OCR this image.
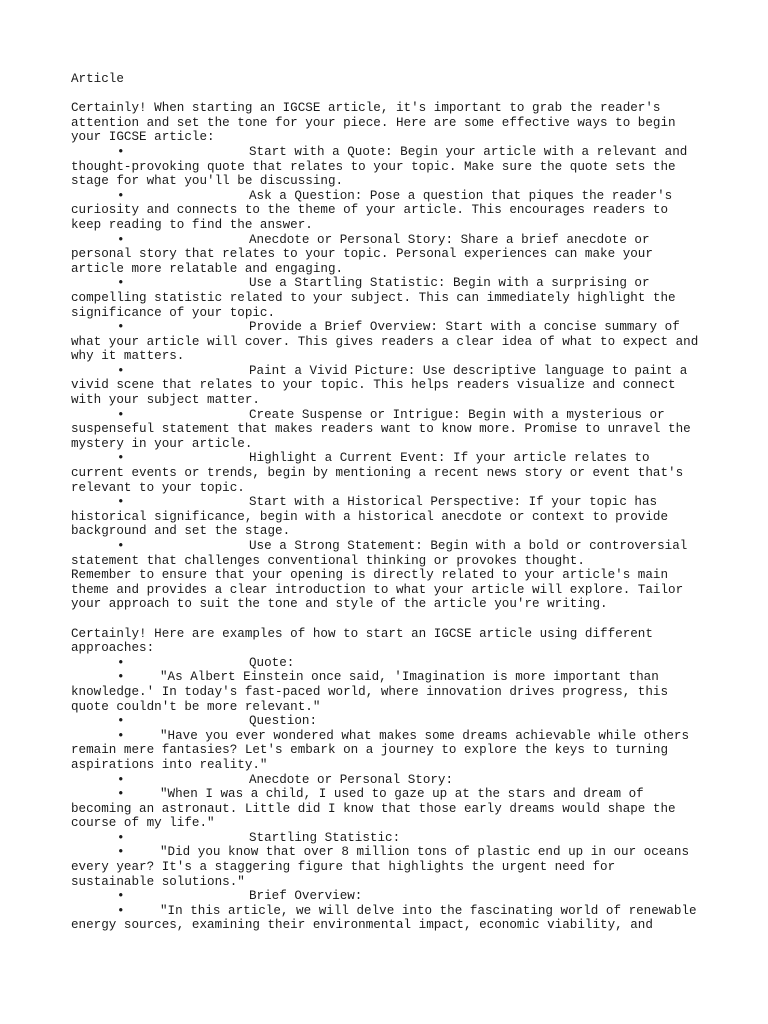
Article
Certainly! When starting an IGCSE article, it's important to grab the reader's
attention and set the tone for your piece. Here are some effective ways to begin
your IGCSE article:
•	Start with a Quote: Begin your article with a relevant and
thought-provoking quote that relates to your topic. Make sure the quote sets the
stage for what you'll be discussing.
•	Ask a Question: Pose a question that piques the reader's
curiosity and connects to the theme of your article. This encourages readers to
keep reading to find the answer.
•	Anecdote or Personal Story: Share a brief anecdote or
personal story that relates to your topic. Personal experiences can make your
article more relatable and engaging.
•	Use a Startling Statistic: Begin with a surprising or
compelling statistic related to your subject. This can immediately highlight the
significance of your topic.
•	Provide a Brief Overview: Start with a concise summary of
what your article will cover. This gives readers a clear idea of what to expect and
why it matters.
•	Paint a Vivid Picture: Use descriptive language to paint a
vivid scene that relates to your topic. This helps readers visualize and connect
with your subject matter.
•	Create Suspense or Intrigue: Begin with a mysterious or
suspenseful statement that makes readers want to know more. Promise to unravel the
mystery in your article.
•	Highlight a Current Event: If your article relates to
current events or trends, begin by mentioning a recent news story or event that's
relevant to your topic.
•	Start with a Historical Perspective: If your topic has
historical significance, begin with a historical anecdote or context to provide
background and set the stage.
•	Use a Strong Statement: Begin with a bold or controversial
statement that challenges conventional thinking or provokes thought.
Remember to ensure that your opening is directly related to your article's main
theme and provides a clear introduction to what your article will explore. Tailor
your approach to suit the tone and style of the article you're writing.
Certainly! Here are examples of how to start an IGCSE article using different
approaches:
•	Quote:
•	"As Albert Einstein once said, 'Imagination is more important than
knowledge.' In today's fast-paced world, where innovation drives progress, this
quote couldn't be more relevant."
•	Question:
•	"Have you ever wondered what makes some dreams achievable while others
remain mere fantasies? Let's embark on a journey to explore the keys to turning
aspirations into reality."
•	Anecdote or Personal Story:
•	"When I was a child, I used to gaze up at the stars and dream of
becoming an astronaut. Little did I know that those early dreams would shape the
course of my life."
•	Startling Statistic:
•	"Did you know that over 8 million tons of plastic end up in our oceans
every year? It's a staggering figure that highlights the urgent need for
sustainable solutions."
•	Brief Overview:
•	"In this article, we will delve into the fascinating world of renewable
energy sources, examining their environmental impact, economic viability, and
